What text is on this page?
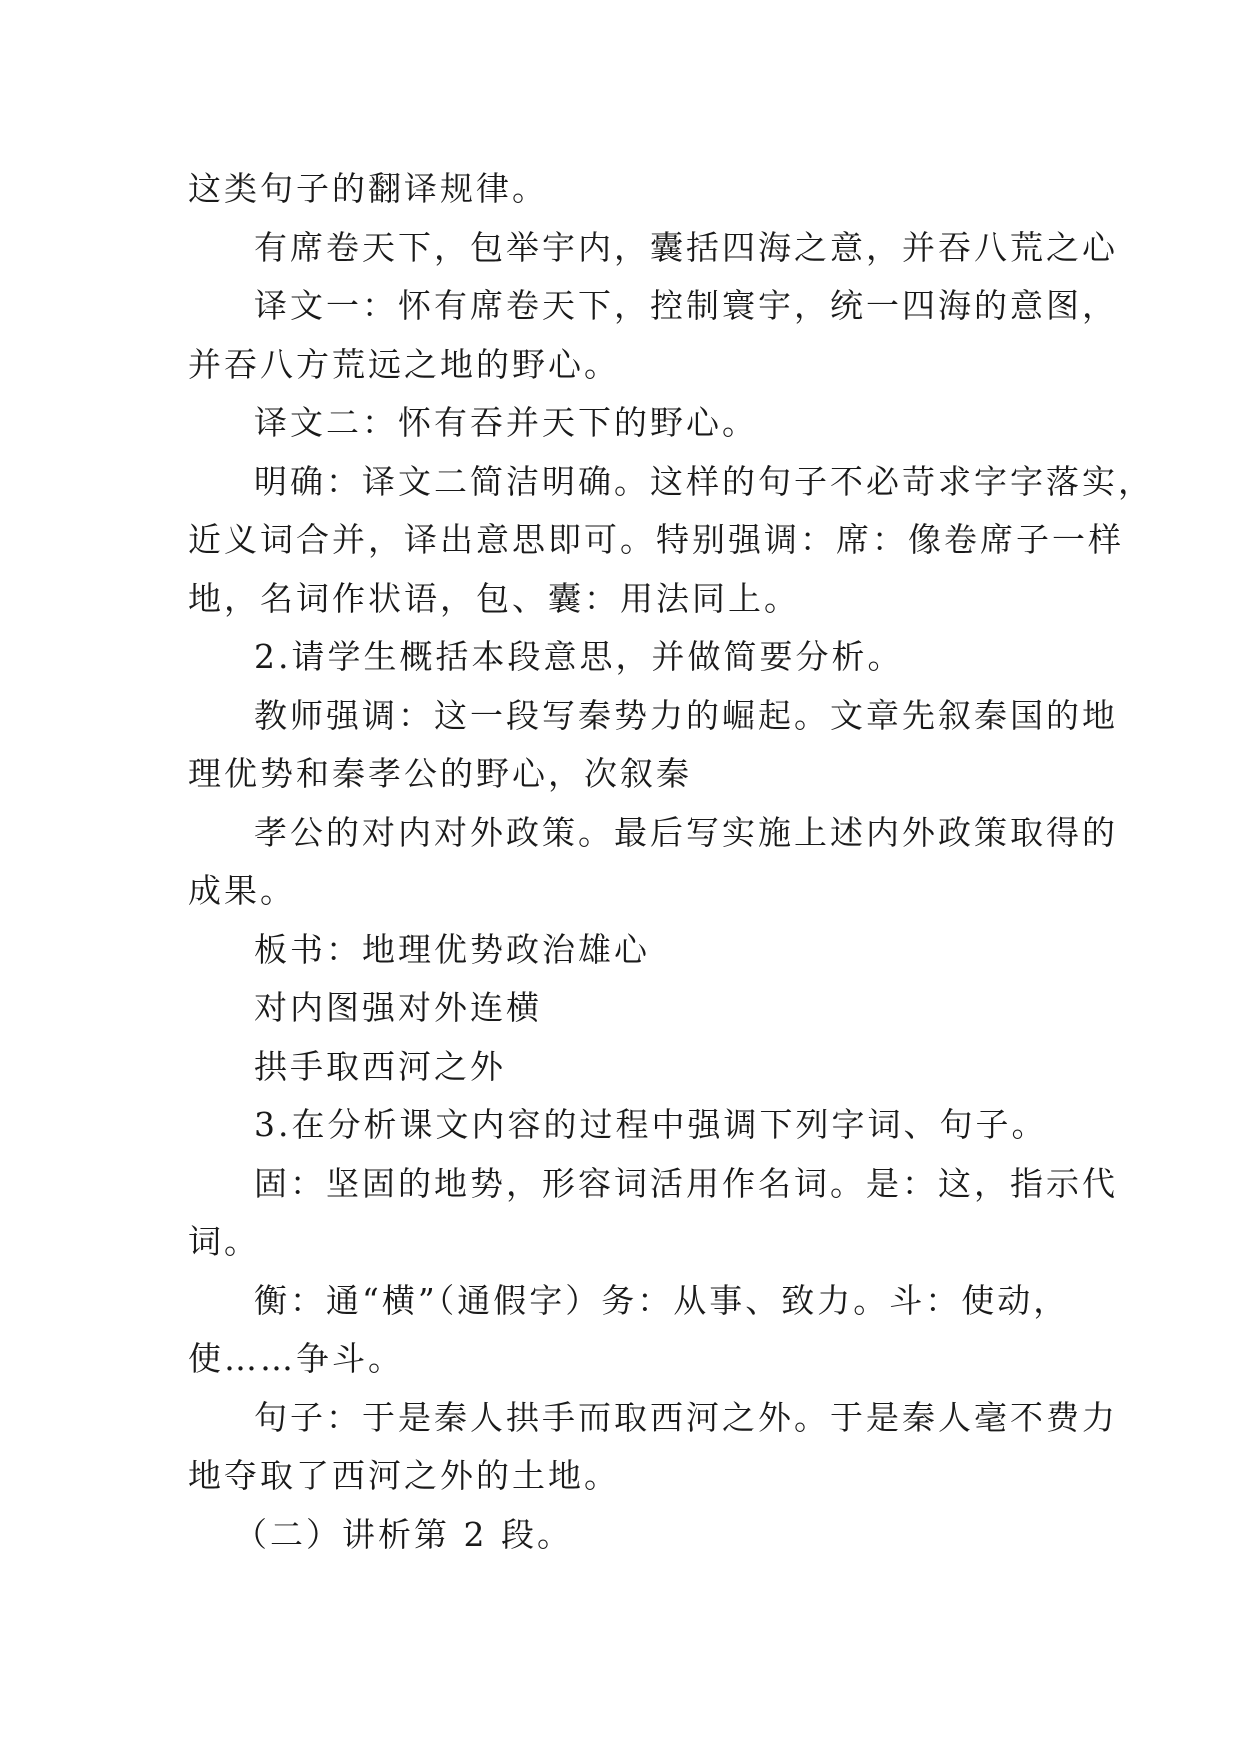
这类句子的翻译规律。
有席卷天下，包举宇内，囊括四海之意，并吞八荒之心
译文一：怀有席卷天下，控制寰宇，统一四海的意图，
并吞八方荒远之地的野心。
译文二：怀有吞并天下的野心。
明确：译文二简洁明确。这样的句子不必苛求字字落实，
近义词合并，译出意思即可。特别强调：席：像卷席子一样
地，名词作状语，包、囊：用法同上。
2.请学生概括本段意思，并做简要分析。
教师强调：这一段写秦势力的崛起。文章先叙秦国的地
理优势和秦孝公的野心，次叙秦
孝公的对内对外政策。最后写实施上述内外政策取得的
成果。
板书：地理优势政治雄心
对内图强对外连横
拱手取西河之外
3.在分析课文内容的过程中强调下列字词、句子。
固：坚固的地势，形容词活用作名词。是：这，指示代
词。
衡：通“横”（通假字）务：从事、致力。斗：使动，
使……争斗。
句子：于是秦人拱手而取西河之外。于是秦人毫不费力
地夺取了西河之外的土地。
（二）讲析第 2 段。
